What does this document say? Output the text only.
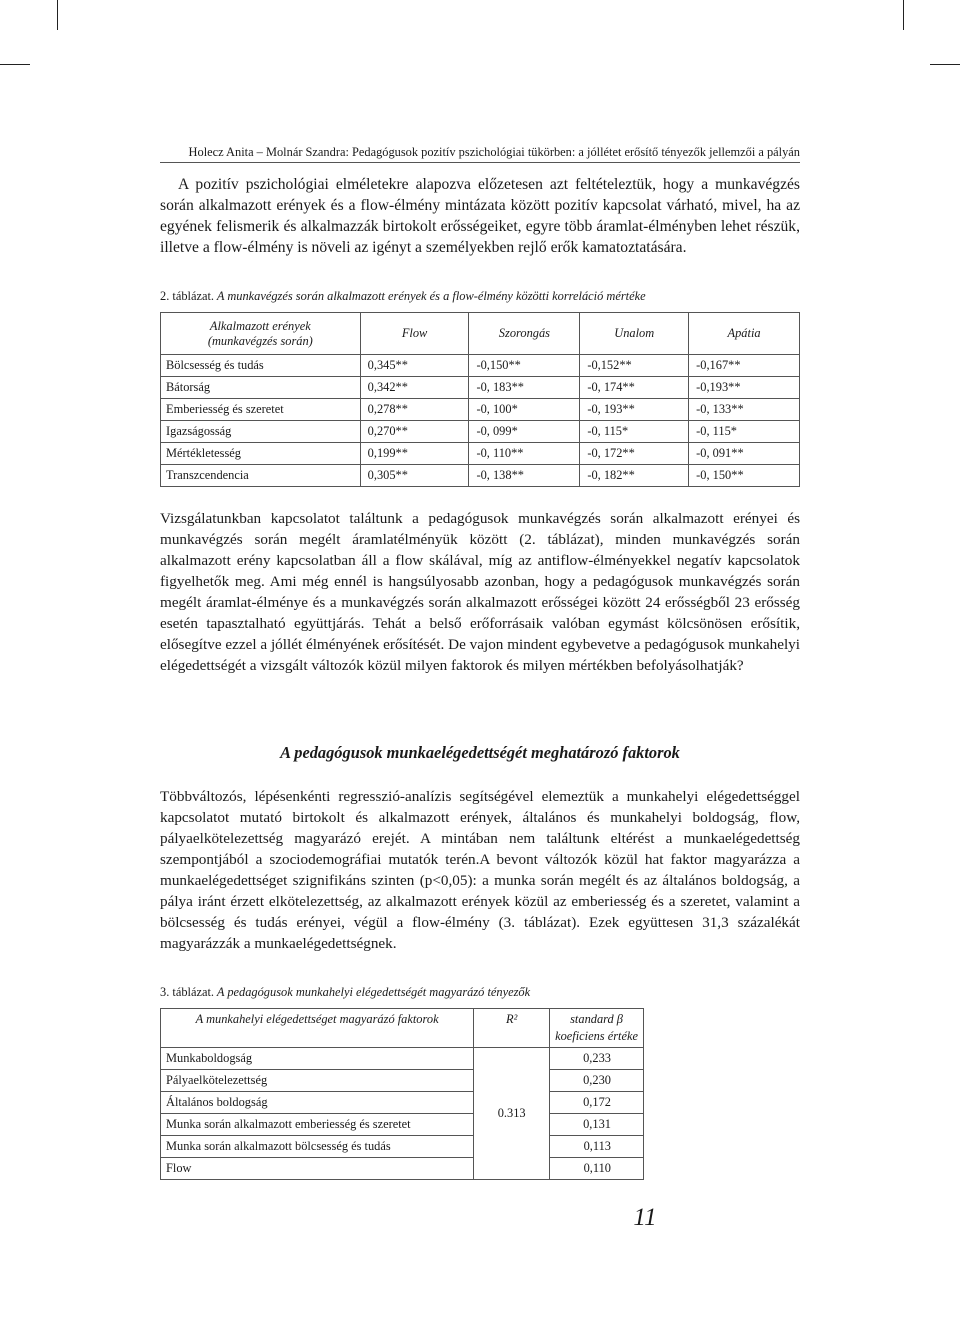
Holecz Anita – Molnár Szandra: Pedagógusok pozitív pszichológiai tükörben: a jóllétet erősítő tényezők jellemzői a pályán

A pozitív pszichológiai elméletekre alapozva előzetesen azt feltételeztük, hogy a munkavégzés során alkalmazott erények és a flow-élmény mintázata között pozitív kapcsolat várható, mivel, ha az egyének felismerik és alkalmazzák birtokolt erősségeiket, egyre több áramlat-élményben lehet részük, illetve a flow-élmény is növeli az igényt a személyekben rejlő erők kamatoztatására.

2. táblázat. A munkavégzés során alkalmazott erények és a flow-élmény közötti korreláció mértéke
Alkalmazott erények
(munkavégzés során)	Flow	Szorongás	Unalom	Apátia
Bölcsesség és tudás	0,345**	-0,150**	-0,152**	-0,167**
Bátorság	0,342**	-0, 183**	-0, 174**	-0,193**
Emberiesség és szeretet	0,278**	-0, 100*	-0, 193**	-0, 133**
Igazságosság	0,270**	-0, 099*	-0, 115*	-0, 115*
Mértékletesség	0,199**	-0, 110**	-0, 172**	-0, 091**
Transzcendencia	0,305**	-0, 138**	-0, 182**	-0, 150**

Vizsgálatunkban kapcsolatot találtunk a pedagógusok munkavégzés során alkalmazott erényei és munkavégzés során megélt áramlatélményük között (2. táblázat), minden munkavégzés során alkalmazott erény kapcsolatban áll a flow skálával, míg az antiflow-élményekkel negatív kapcsolatok figyelhetők meg. Ami még ennél is hangsúlyosabb azonban, hogy a pedagógusok munkavégzés során megélt áramlat-élménye és a munkavégzés során alkalmazott erősségei között 24 erősségből 23 erősség esetén tapasztalható együttjárás. Tehát a belső erőforrásaik valóban egymást kölcsönösen erősítik, elősegítve ezzel a jóllét élményének erősítését. De vajon mindent egybevetve a pedagógusok munkahelyi elégedettségét a vizsgált változók közül milyen faktorok és milyen mértékben befolyásolhatják?

A pedagógusok munkaelégedettségét meghatározó faktorok

Többváltozós, lépésenkénti regresszió-analízis segítségével elemeztük a munkahelyi elégedettséggel kapcsolatot mutató birtokolt és alkalmazott erények, általános és munkahelyi boldogság, flow, pályaelkötelezettség magyarázó erejét. A mintában nem találtunk eltérést a munkaelégedettség szempontjából a szociodemográfiai mutatók terén.A bevont változók közül hat faktor magyarázza a munkaelégedettséget szignifikáns szinten (p<0,05): a munka során megélt és az általános boldogság, a pálya iránt érzett elkötelezettség, az alkalmazott erények közül az emberiesség és a szeretet, valamint a bölcsesség és tudás erényei, végül a flow-élmény (3. táblázat). Ezek együttesen 31,3 százalékát magyarázzák a munkaelégedettségnek.

3. táblázat. A pedagógusok munkahelyi elégedettségét magyarázó tényezők
A munkahelyi elégedettséget magyarázó faktorok	R²	standard β
koeficiens értéke

Munkaboldogság	0.313	0,233
Pályaelkötelezettség		0,230
Általános boldogság		0,172
Munka során alkalmazott emberiesség és szeretet		0,131
Munka során alkalmazott bölcsesség és tudás		0,113
Flow		0,110
11
